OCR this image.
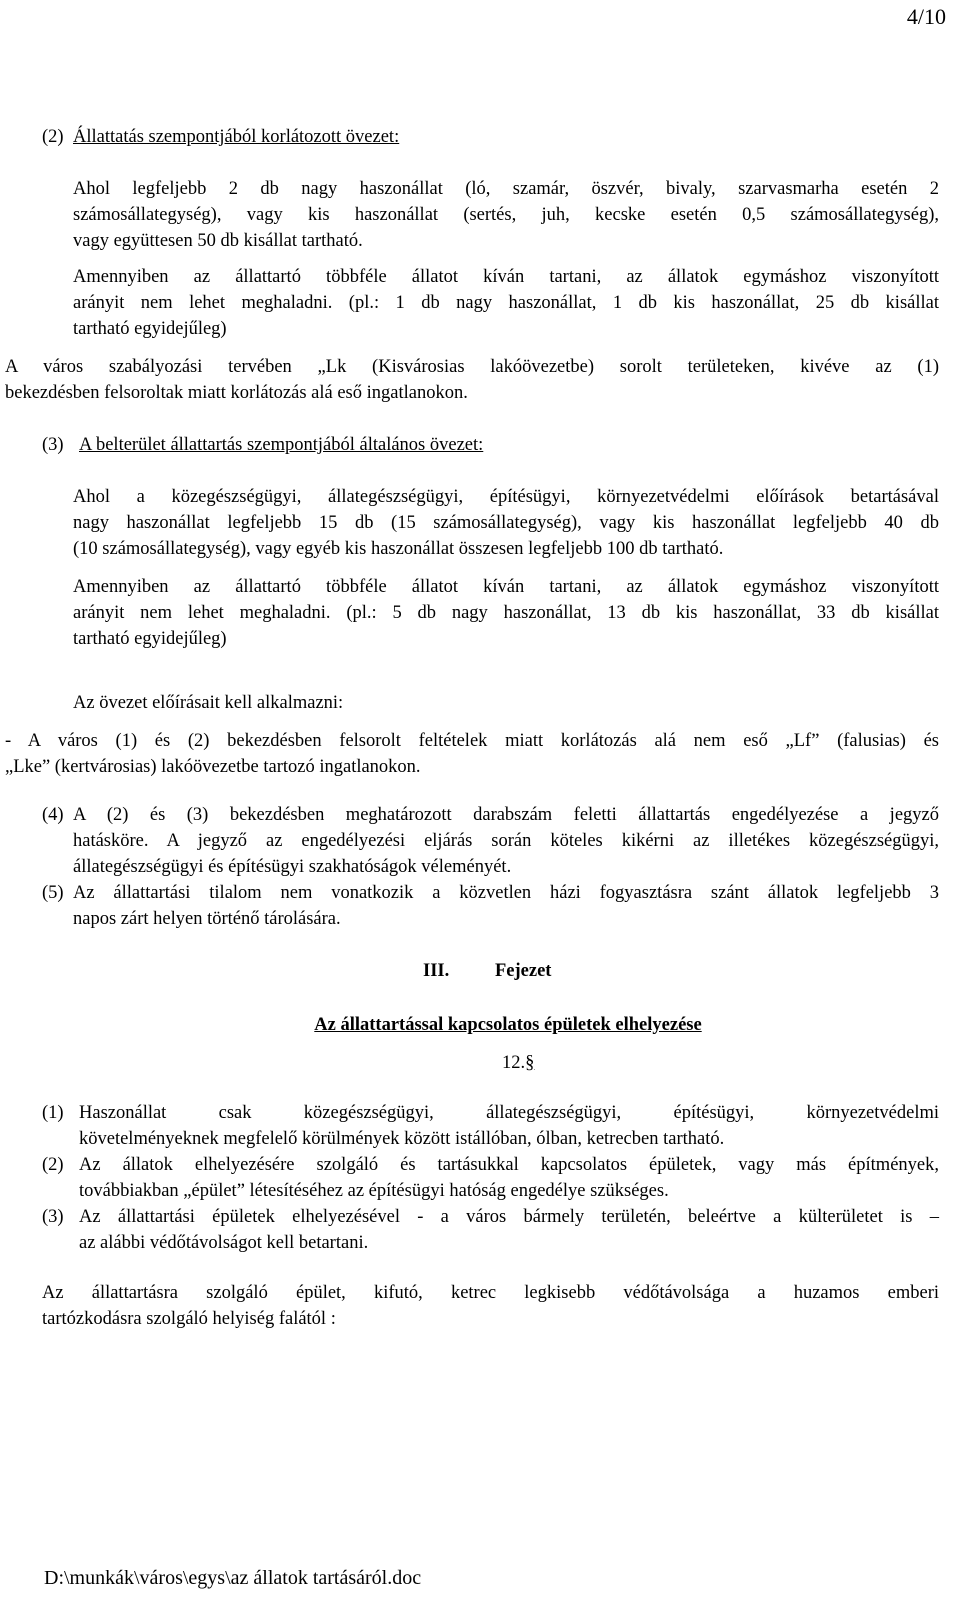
4/10
(2) Állattatás szempontjából korlátozott övezet:
Ahol legfeljebb 2 db nagy haszonállat (ló, szamár, öszvér, bivaly, szarvasmarha esetén 2
számosállategység), vagy kis haszonállat (sertés, juh, kecske esetén 0,5 számosállategység),
vagy együttesen 50 db kisállat tartható.
Amennyiben az állattartó többféle állatot kíván tartani, az állatok egymáshoz viszonyított
arányit nem lehet meghaladni. (pl.: 1 db nagy haszonállat, 1 db kis haszonállat, 25 db kisállat
tartható egyidejűleg)
A város szabályozási tervében „Lk (Kisvárosias lakóövezetbe) sorolt területeken, kivéve az (1)
bekezdésben felsoroltak miatt korlátozás alá eső ingatlanokon.
(3) A belterület állattartás szempontjából általános övezet:
Ahol a közegészségügyi, állategészségügyi, építésügyi, környezetvédelmi előírások betartásával
nagy haszonállat legfeljebb 15 db (15 számosállategység), vagy kis haszonállat legfeljebb 40 db
(10 számosállategység), vagy egyéb kis haszonállat összesen legfeljebb 100 db tartható.
Amennyiben az állattartó többféle állatot kíván tartani, az állatok egymáshoz viszonyított
arányit nem lehet meghaladni. (pl.: 5 db nagy haszonállat, 13 db kis haszonállat, 33 db kisállat
tartható egyidejűleg)
Az övezet előírásait kell alkalmazni:
- A város (1) és (2) bekezdésben felsorolt feltételek miatt korlátozás alá nem eső „Lf” (falusias) és
„Lke” (kertvárosias) lakóövezetbe tartozó ingatlanokon.
(4) A (2) és (3) bekezdésben meghatározott darabszám feletti állattartás engedélyezése a jegyző
hatásköre. A jegyző az engedélyezési eljárás során köteles kikérni az illetékes közegészségügyi,
állategészségügyi és építésügyi szakhatóságok véleményét.
(5) Az állattartási tilalom nem vonatkozik a közvetlen házi fogyasztásra szánt állatok legfeljebb 3
napos zárt helyen történő tárolására.
III. Fejezet
Az állattartással kapcsolatos épületek elhelyezése
12.§
(1) Haszonállat csak közegészségügyi, állategészségügyi, építésügyi, környezetvédelmi
követelményeknek megfelelő körülmények között istállóban, ólban, ketrecben tartható.
(2) Az állatok elhelyezésére szolgáló és tartásukkal kapcsolatos épületek, vagy más építmények,
továbbiakban „épület” létesítéséhez az építésügyi hatóság engedélye szükséges.
(3) Az állattartási épületek elhelyezésével - a város bármely területén, beleértve a külterületet is –
az alábbi védőtávolságot kell betartani.
Az állattartásra szolgáló épület, kifutó, ketrec legkisebb védőtávolsága a huzamos emberi
tartózkodásra szolgáló helyiség falától :
D:\munkák\város\egys\az állatok tartásáról.doc
